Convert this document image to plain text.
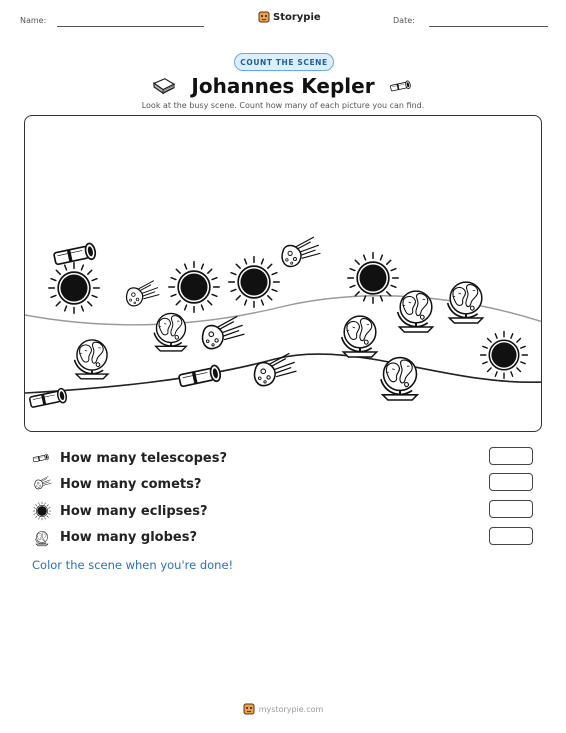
Name:	Storypie	Date:
COUNT THE SCENE
Johannes Kepler
Look at the busy scene. Count how many of each picture you can find.
How many telescopes?
How many comets?
How many eclipses?
How many globes?
Color the scene when you're done!
mystorypie.com
